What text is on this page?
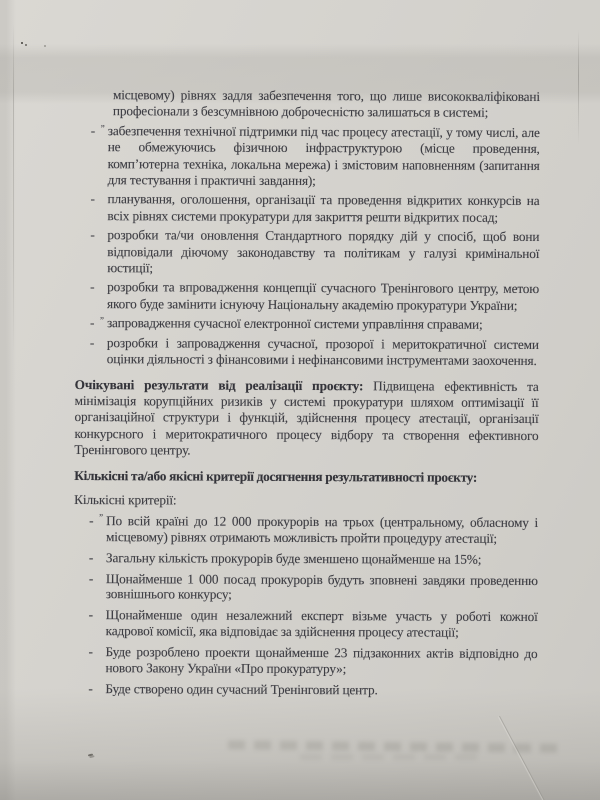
місцевому) рівнях задля забезпечення того, що лише висококваліфіковані професіонали з безсумнівною доброчесністю залишаться в системі;
- ” забезпечення технічної підтримки під час процесу атестації, у тому числі, але не обмежуючись фізичною інфраструктурою (місце проведення, комп’ютерна техніка, локальна мережа) і змістовим наповненням (запитання для тестування і практичні завдання);
- планування, оголошення, організації та проведення відкритих конкурсів на всіх рівнях системи прокуратури для закриття решти відкритих посад;
- розробки та/чи оновлення Стандартного порядку дій у спосіб, щоб вони відповідали діючому законодавству та політикам у галузі кримінальної юстиції;
- розробки та впровадження концепції сучасного Тренінгового центру, метою якого буде замінити існуючу Національну академію прокуратури України;
- ” запровадження сучасної електронної системи управління справами;
- розробки і запровадження сучасної, прозорої і меритократичної системи оцінки діяльності з фінансовими і нефінансовими інструментами заохочення.
Очікувані результати від реалізації проєкту: Підвищена ефективність та мінімізація корупційних ризиків у системі прокуратури шляхом оптимізації її організаційної структури і функцій, здійснення процесу атестації, організації конкурсного і меритократичного процесу відбору та створення ефективного Тренінгового центру.
Кількісні та/або якісні критерії досягнення результативності проєкту:
Кількісні критерії:
- ” По всій країні до 12 000 прокурорів на трьох (центральному, обласному і місцевому) рівнях отримають можливість пройти процедуру атестації;
- Загальну кількість прокурорів буде зменшено щонайменше на 15%;
- Щонайменше 1 000 посад прокурорів будуть зповнені завдяки проведенню зовнішнього конкурсу;
- Щонайменше один незалежний експерт візьме участь у роботі кожної кадрової комісії, яка відповідає за здійснення процесу атестації;
- Буде розроблено проекти щонайменше 23 підзаконних актів відповідно до нового Закону України «Про прокуратуру»;
- Буде створено один сучасний Тренінговий центр.
